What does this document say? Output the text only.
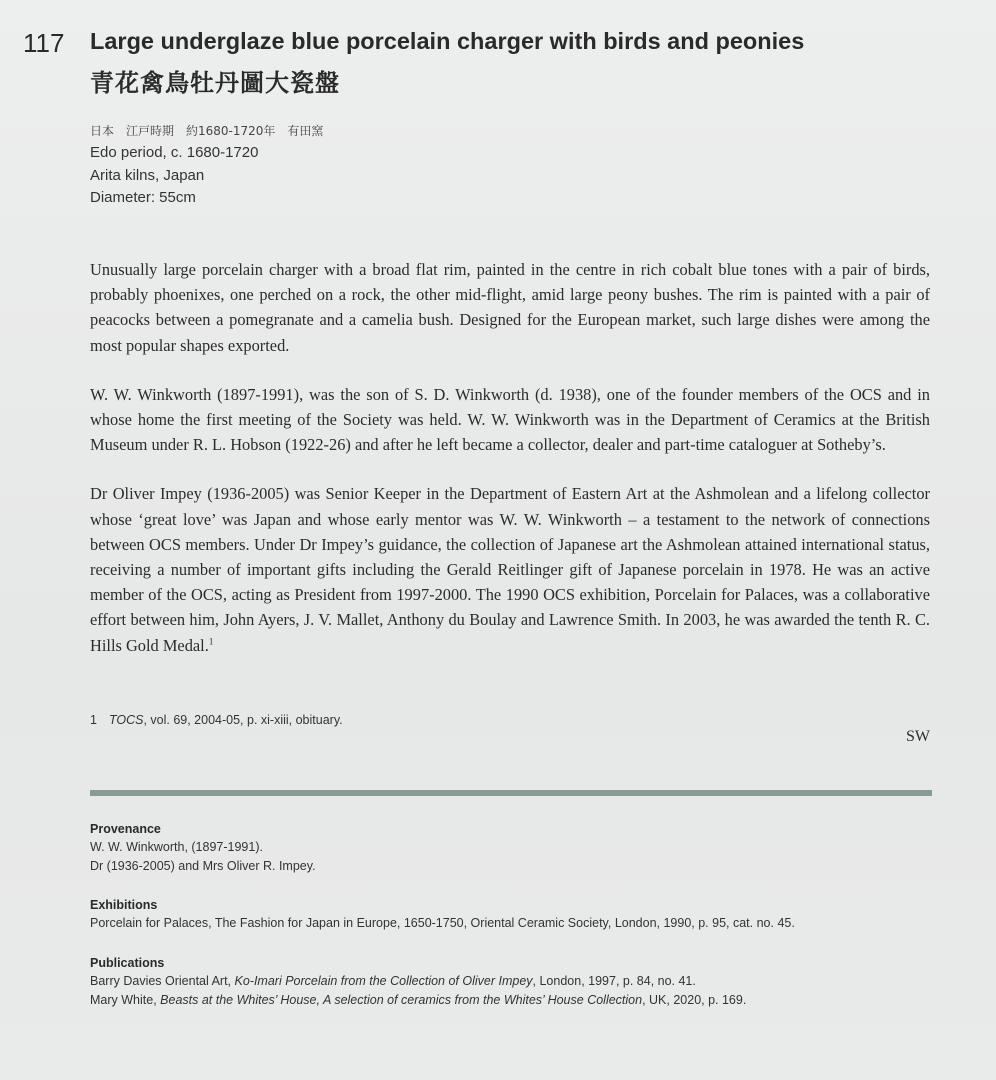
117 Large underglaze blue porcelain charger with birds and peonies
青花禽鳥牡丹圖大瓷盤
日本　江戸時期　約1680-1720年　有田窯
Edo period, c. 1680-1720
Arita kilns, Japan
Diameter: 55cm

Unusually large porcelain charger with a broad flat rim, painted in the centre in rich cobalt blue tones with a pair of birds, probably phoenixes, one perched on a rock, the other mid-flight, amid large peony bushes. The rim is painted with a pair of peacocks between a pomegranate and a camelia bush. Designed for the European market, such large dishes were among the most popular shapes exported.

W. W. Winkworth (1897-1991), was the son of S. D. Winkworth (d. 1938), one of the founder members of the OCS and in whose home the first meeting of the Society was held. W. W. Winkworth was in the Department of Ceramics at the British Museum under R. L. Hobson (1922-26) and after he left became a collector, dealer and part-time cataloguer at Sotheby’s.

Dr Oliver Impey (1936-2005) was Senior Keeper in the Department of Eastern Art at the Ashmolean and a lifelong collector whose ‘great love’ was Japan and whose early mentor was W. W. Winkworth – a testament to the network of connections between OCS members. Under Dr Impey’s guidance, the collection of Japanese art the Ashmolean attained international status, receiving a number of important gifts including the Gerald Reitlinger gift of Japanese porcelain in 1978. He was an active member of the OCS, acting as President from 1997-2000. The 1990 OCS exhibition, Porcelain for Palaces, was a collaborative effort between him, John Ayers, J. V. Mallet, Anthony du Boulay and Lawrence Smith. In 2003, he was awarded the tenth R. C. Hills Gold Medal.$^1$

1 TOCS, vol. 69, 2004-05, p. xi-xiii, obituary.
SW
Provenance
W. W. Winkworth, (1897-1991).
Dr (1936-2005) and Mrs Oliver R. Impey.
Exhibitions
Porcelain for Palaces, The Fashion for Japan in Europe, 1650-1750, Oriental Ceramic Society, London, 1990, p. 95, cat. no. 45.
Publications
Barry Davies Oriental Art, Ko-Imari Porcelain from the Collection of Oliver Impey, London, 1997, p. 84, no. 41.
Mary White, Beasts at the Whites’ House, A selection of ceramics from the Whites’ House Collection, UK, 2020, p. 169.
